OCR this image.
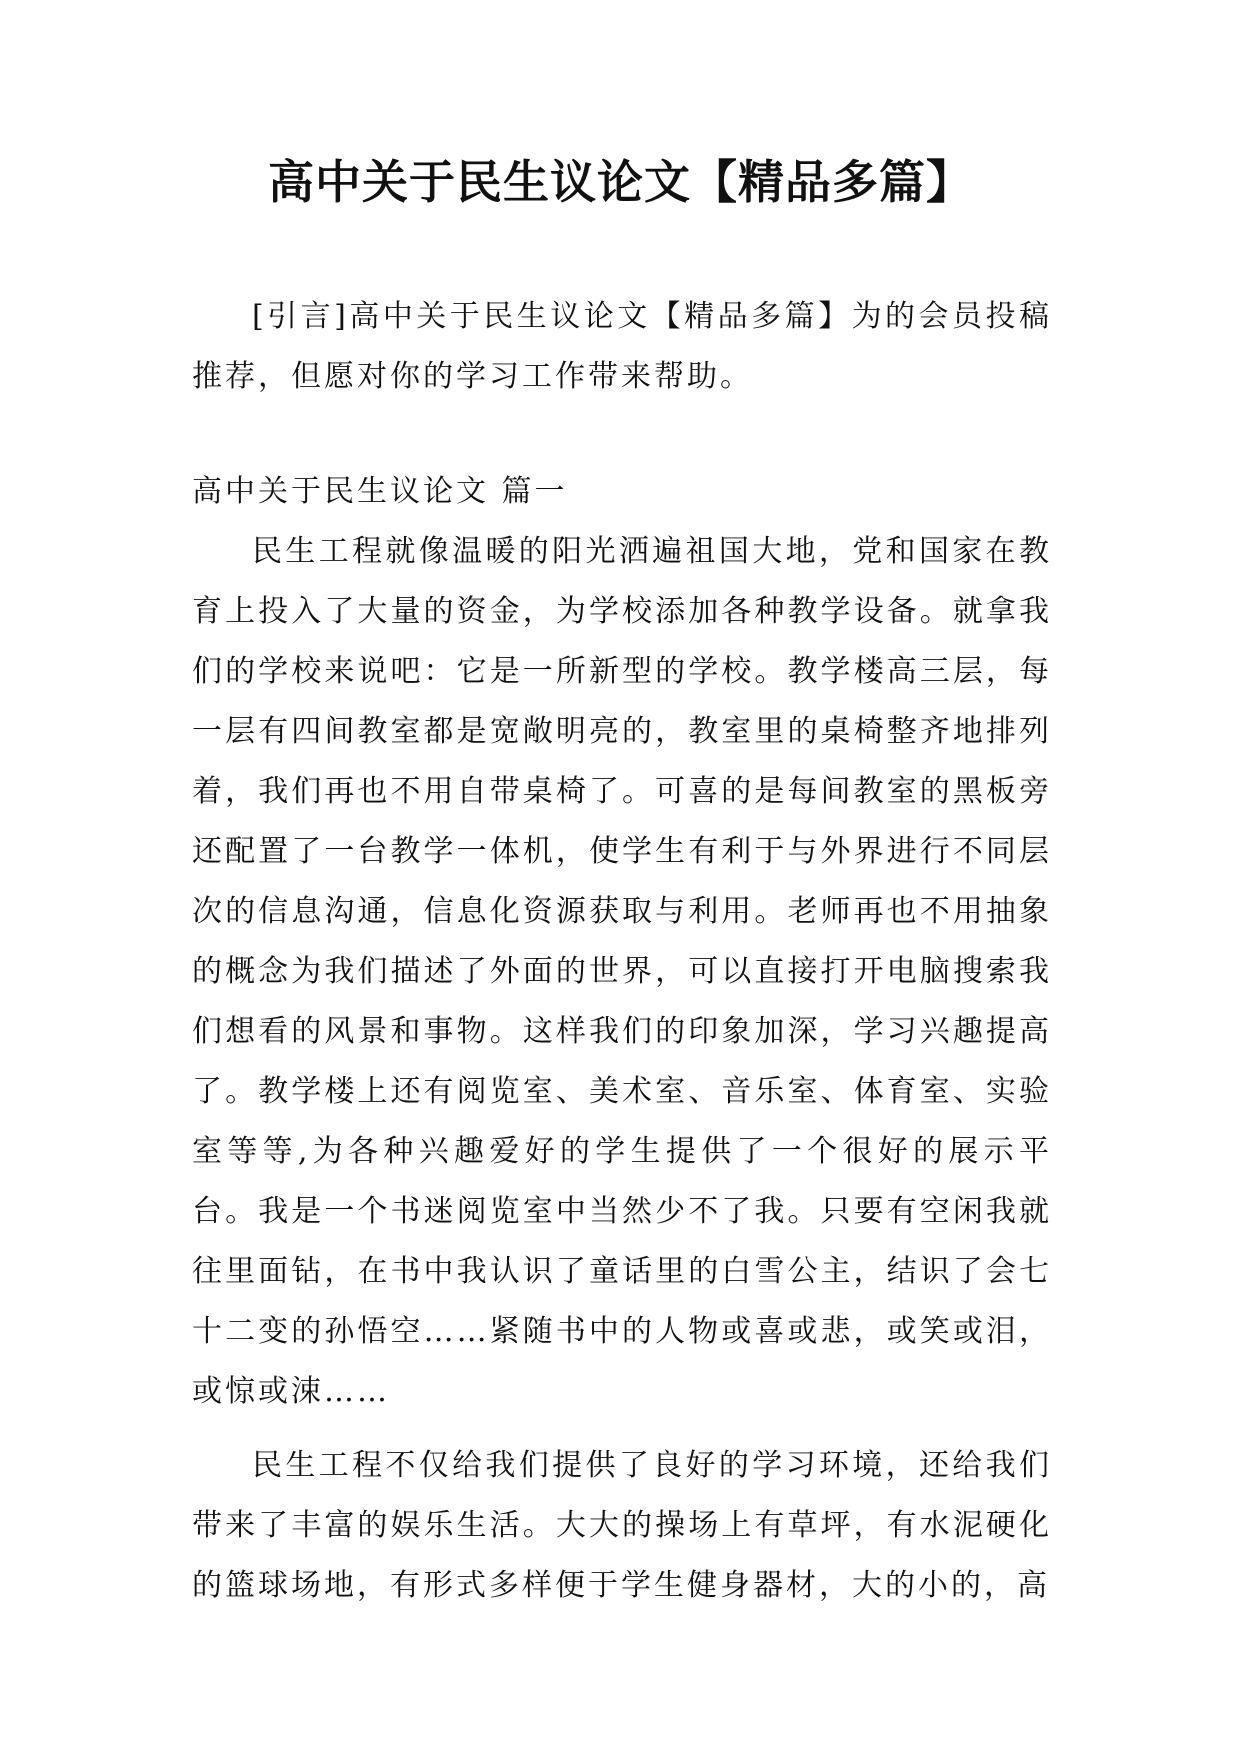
高中关于民生议论文【精品多篇】

[引言]高中关于民生议论文【精品多篇】为的会员投稿推荐，但愿对你的学习工作带来帮助。

高中关于民生议论文 篇一

民生工程就像温暖的阳光洒遍祖国大地，党和国家在教育上投入了大量的资金，为学校添加各种教学设备。就拿我们的学校来说吧：它是一所新型的学校。教学楼高三层，每一层有四间教室都是宽敞明亮的，教室里的桌椅整齐地排列着，我们再也不用自带桌椅了。可喜的是每间教室的黑板旁还配置了一台教学一体机，使学生有利于与外界进行不同层次的信息沟通，信息化资源获取与利用。老师再也不用抽象的概念为我们描述了外面的世界，可以直接打开电脑搜索我们想看的风景和事物。这样我们的印象加深，学习兴趣提高了。教学楼上还有阅览室、美术室、音乐室、体育室、实验室等等,为各种兴趣爱好的学生提供了一个很好的展示平台。我是一个书迷阅览室中当然少不了我。只要有空闲我就往里面钻，在书中我认识了童话里的白雪公主，结识了会七十二变的孙悟空……紧随书中的人物或喜或悲，或笑或泪，或惊或涑……

民生工程不仅给我们提供了良好的学习环境，还给我们带来了丰富的娱乐生活。大大的操场上有草坪，有水泥硬化的篮球场地，有形式多样便于学生健身器材，大的小的，高
